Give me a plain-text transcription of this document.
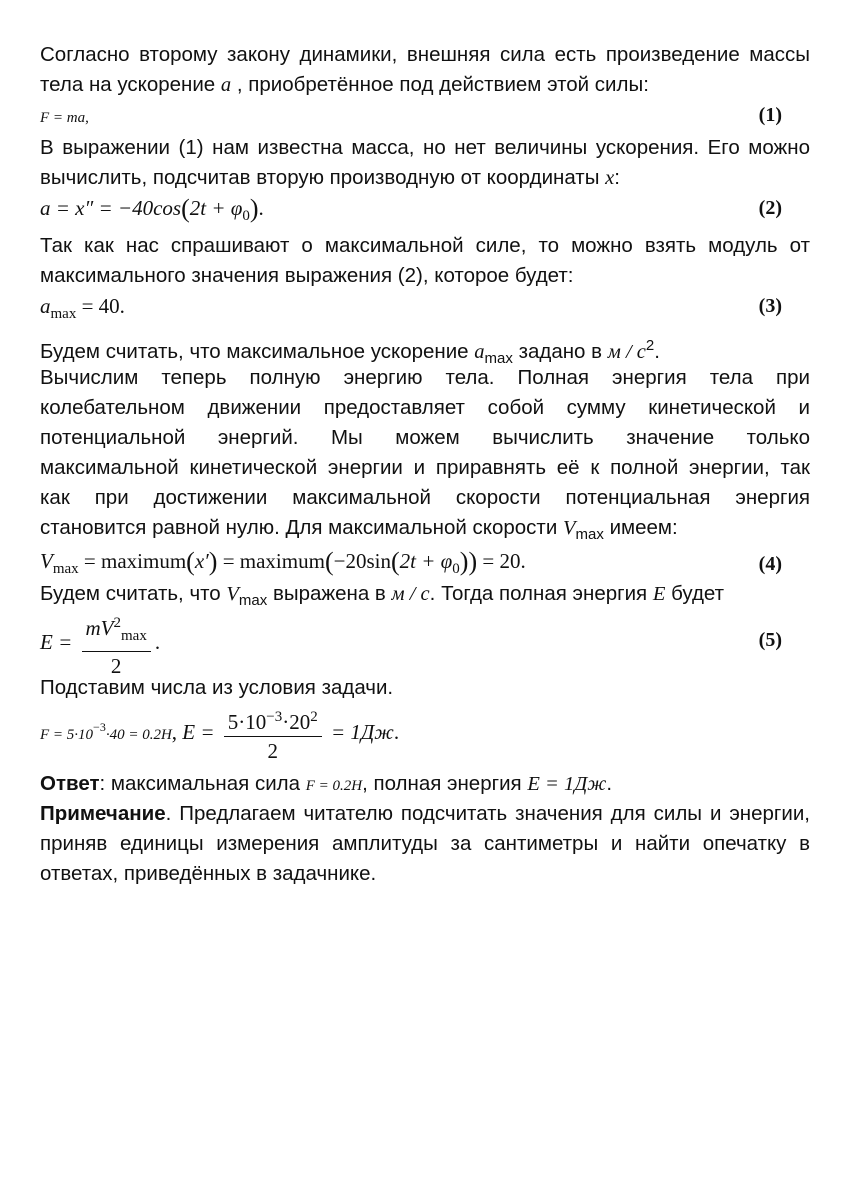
Согласно второму закону динамики, внешняя сила есть произведение массы
тела на ускорение a , приобретённое под действием этой силы:
F = ma,	(1)
В выражении (1) нам известна масса, но нет величины ускорения. Его можно
вычислить, подсчитав вторую производную от координаты x:
$a = x'' = -40\cos(2t + \varphi_0)$.	(2)
Так как нас спрашивают о максимальной силе, то можно взять модуль от
максимального значения выражения (2), которое будет:
$a_{max} = 40$.	(3)
Будем считать, что максимальное ускорение $a_{max}$ задано в м / $с^2$.
Вычислим теперь полную энергию тела. Полная энергия тела при
колебательном движении предоставляет собой сумму кинетической и
потенциальной энергий. Мы можем вычислить значение только
максимальной кинетической энергии и приравнять её к полной энергии, так
как при достижении максимальной скорости потенциальная энергия
становится равной нулю. Для максимальной скорости $V_{max}$ имеем:
$V_{max}$ = maximum(x′) = maximum(−20sin(2t + $\varphi_0)) = 20$.	(4)
Будем считать, что $V_{max}$ выражена в м / с. Тогда полная энергия E будет
$E = \frac{mV^2_{max}}{2}$ .	(5)
Подставим числа из условия задачи.
$F = 5\cdot 10^{-3}\cdot 40 = 0.2H$, $E = \frac{5\cdot 10^{-3}\cdot 20^2}{2} = 1Дж$.
Ответ: максимальная сила F = 0.2H, полная энергия E = 1Дж.
Примечание. Предлагаем читателю подсчитать значения для силы и энергии,
приняв единицы измерения амплитуды за сантиметры и найти опечатку в
ответах, приведённых в задачнике.
